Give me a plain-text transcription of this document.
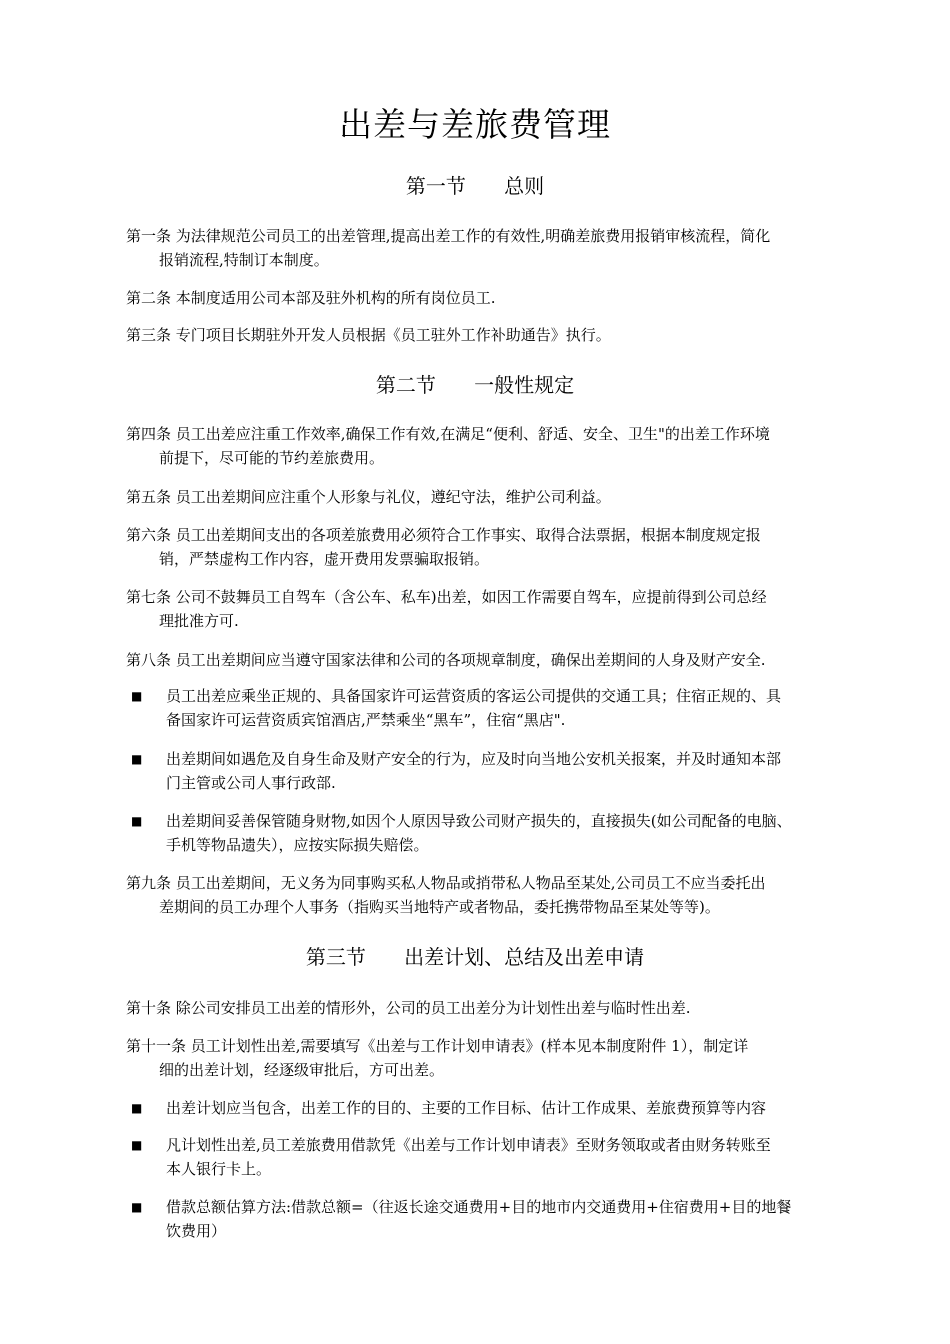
出差与差旅费管理
第一节      总则
第一条 为法律规范公司员工的出差管理,提高出差工作的有效性,明确差旅费用报销审核流程，简化
报销流程,特制订本制度。
第二条 本制度适用公司本部及驻外机构的所有岗位员工.
第三条 专门项目长期驻外开发人员根据《员工驻外工作补助通告》执行。
第二节      一般性规定
第四条 员工出差应注重工作效率,确保工作有效,在满足“便利、舒适、安全、卫生"的出差工作环境
前提下，尽可能的节约差旅费用。
第五条 员工出差期间应注重个人形象与礼仪，遵纪守法，维护公司利益。
第六条 员工出差期间支出的各项差旅费用必须符合工作事实、取得合法票据，根据本制度规定报
销，严禁虚构工作内容，虚开费用发票骗取报销。
第七条 公司不鼓舞员工自驾车（含公车、私车)出差，如因工作需要自驾车，应提前得到公司总经
理批准方可.
第八条 员工出差期间应当遵守国家法律和公司的各项规章制度，确保出差期间的人身及财产安全.
■	员工出差应乘坐正规的、具备国家许可运营资质的客运公司提供的交通工具；住宿正规的、具
备国家许可运营资质宾馆酒店,严禁乘坐“黑车”，住宿“黑店".
■	出差期间如遇危及自身生命及财产安全的行为，应及时向当地公安机关报案，并及时通知本部
门主管或公司人事行政部.
■	出差期间妥善保管随身财物,如因个人原因导致公司财产损失的，直接损失(如公司配备的电脑、
手机等物品遗失），应按实际损失赔偿。
第九条 员工出差期间，无义务为同事购买私人物品或捎带私人物品至某处,公司员工不应当委托出
差期间的员工办理个人事务（指购买当地特产或者物品，委托携带物品至某处等等)。
第三节      出差计划、总结及出差申请
第十条 除公司安排员工出差的情形外，公司的员工出差分为计划性出差与临时性出差.
第十一条 员工计划性出差,需要填写《出差与工作计划申请表》(样本见本制度附件 1），制定详
细的出差计划，经逐级审批后，方可出差。
■	出差计划应当包含，出差工作的目的、主要的工作目标、估计工作成果、差旅费预算等内容
■	凡计划性出差,员工差旅费用借款凭《出差与工作计划申请表》至财务领取或者由财务转账至
本人银行卡上。
■	借款总额估算方法:借款总额=（往返长途交通费用+目的地市内交通费用+住宿费用+目的地餐
饮费用）
